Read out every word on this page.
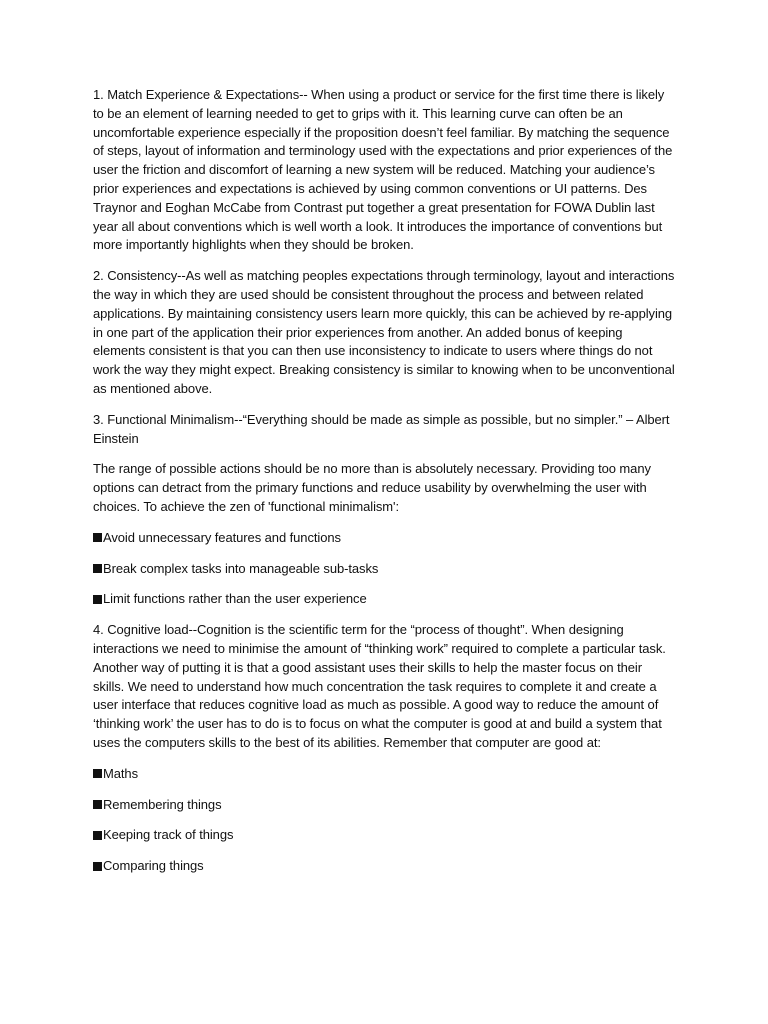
1. Match Experience & Expectations-- When using a product or service for the first time there is likely to be an element of learning needed to get to grips with it. This learning curve can often be an uncomfortable experience especially if the proposition doesn’t feel familiar. By matching the sequence of steps, layout of information and terminology used with the expectations and prior experiences of the user the friction and discomfort of learning a new system will be reduced. Matching your audience’s prior experiences and expectations is achieved by using common conventions or UI patterns. Des Traynor and Eoghan McCabe from Contrast put together a great presentation for FOWA Dublin last year all about conventions which is well worth a look. It introduces the importance of conventions but more importantly highlights when they should be broken.

2. Consistency--As well as matching peoples expectations through terminology, layout and interactions the way in which they are used should be consistent throughout the process and between related applications. By maintaining consistency users learn more quickly, this can be achieved by re-applying in one part of the application their prior experiences from another. An added bonus of keeping elements consistent is that you can then use inconsistency to indicate to users where things do not work the way they might expect. Breaking consistency is similar to knowing when to be unconventional as mentioned above.

3. Functional Minimalism--“Everything should be made as simple as possible, but no simpler.” – Albert Einstein

The range of possible actions should be no more than is absolutely necessary. Providing too many options can detract from the primary functions and reduce usability by overwhelming the user with choices. To achieve the zen of 'functional minimalism':

Avoid unnecessary features and functions

Break complex tasks into manageable sub-tasks

Limit functions rather than the user experience

4. Cognitive load--Cognition is the scientific term for the “process of thought”. When designing interactions we need to minimise the amount of “thinking work” required to complete a particular task. Another way of putting it is that a good assistant uses their skills to help the master focus on their skills. We need to understand how much concentration the task requires to complete it and create a user interface that reduces cognitive load as much as possible. A good way to reduce the amount of ‘thinking work’ the user has to do is to focus on what the computer is good at and build a system that uses the computers skills to the best of its abilities. Remember that computer are good at:

Maths

Remembering things

Keeping track of things

Comparing things
